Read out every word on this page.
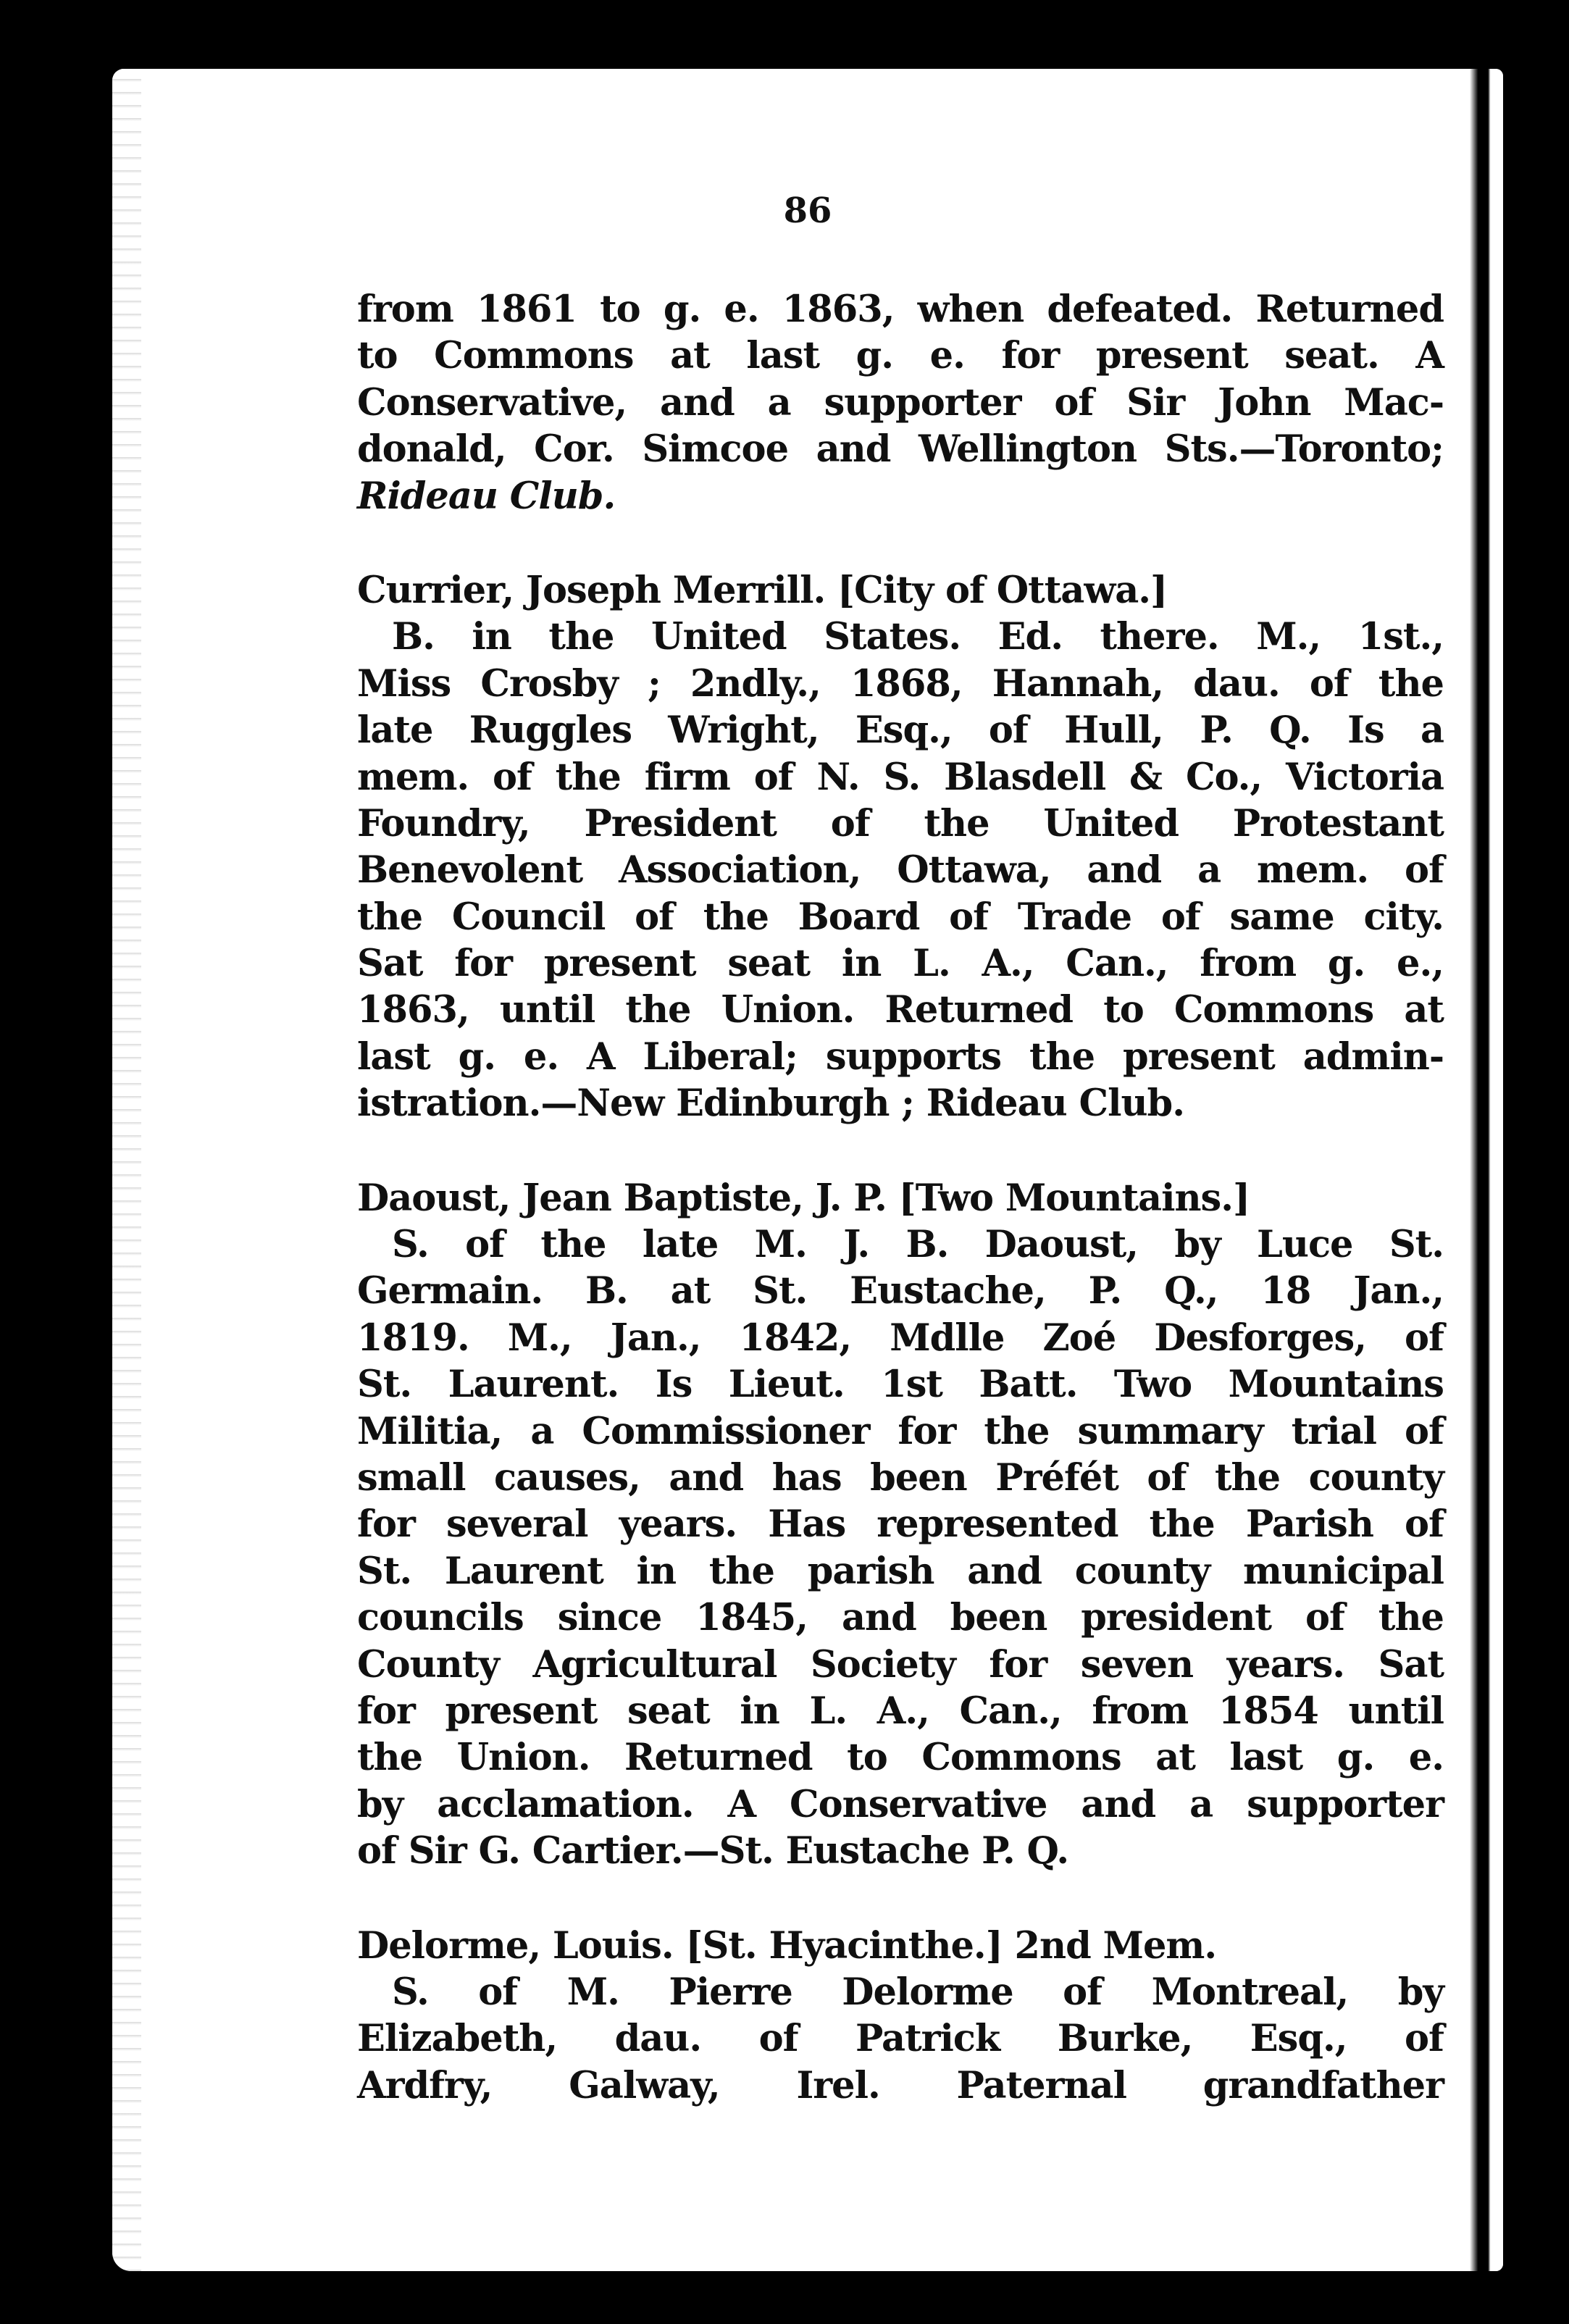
86
from 1861 to g. e. 1863, when defeated. Returned
to Commons at last g. e. for present seat. A
Conservative, and a supporter of Sir John Mac-
donald, Cor. Simcoe and Wellington Sts.—Toronto;
Rideau Club.
Currier, Joseph Merrill. [City of Ottawa.]
B. in the United States. Ed. there. M., 1st.,
Miss Crosby ; 2ndly., 1868, Hannah, dau. of the
late Ruggles Wright, Esq., of Hull, P. Q. Is a
mem. of the firm of N. S. Blasdell & Co., Victoria
Foundry, President of the United Protestant
Benevolent Association, Ottawa, and a mem. of
the Council of the Board of Trade of same city.
Sat for present seat in L. A., Can., from g. e.,
1863, until the Union. Returned to Commons at
last g. e. A Liberal; supports the present admin-
istration.—New Edinburgh ; Rideau Club.
Daoust, Jean Baptiste, J. P. [Two Mountains.]
S. of the late M. J. B. Daoust, by Luce St.
Germain. B. at St. Eustache, P. Q., 18 Jan.,
1819. M., Jan., 1842, Mdlle Zoé Desforges, of
St. Laurent. Is Lieut. 1st Batt. Two Mountains
Militia, a Commissioner for the summary trial of
small causes, and has been Préfét of the county
for several years. Has represented the Parish of
St. Laurent in the parish and county municipal
councils since 1845, and been president of the
County Agricultural Society for seven years. Sat
for present seat in L. A., Can., from 1854 until
the Union. Returned to Commons at last g. e.
by acclamation. A Conservative and a supporter
of Sir G. Cartier.—St. Eustache P. Q.
Delorme, Louis. [St. Hyacinthe.] 2nd Mem.
S. of M. Pierre Delorme of Montreal, by
Elizabeth, dau. of Patrick Burke, Esq., of
Ardfry, Galway, Irel. Paternal grandfather
